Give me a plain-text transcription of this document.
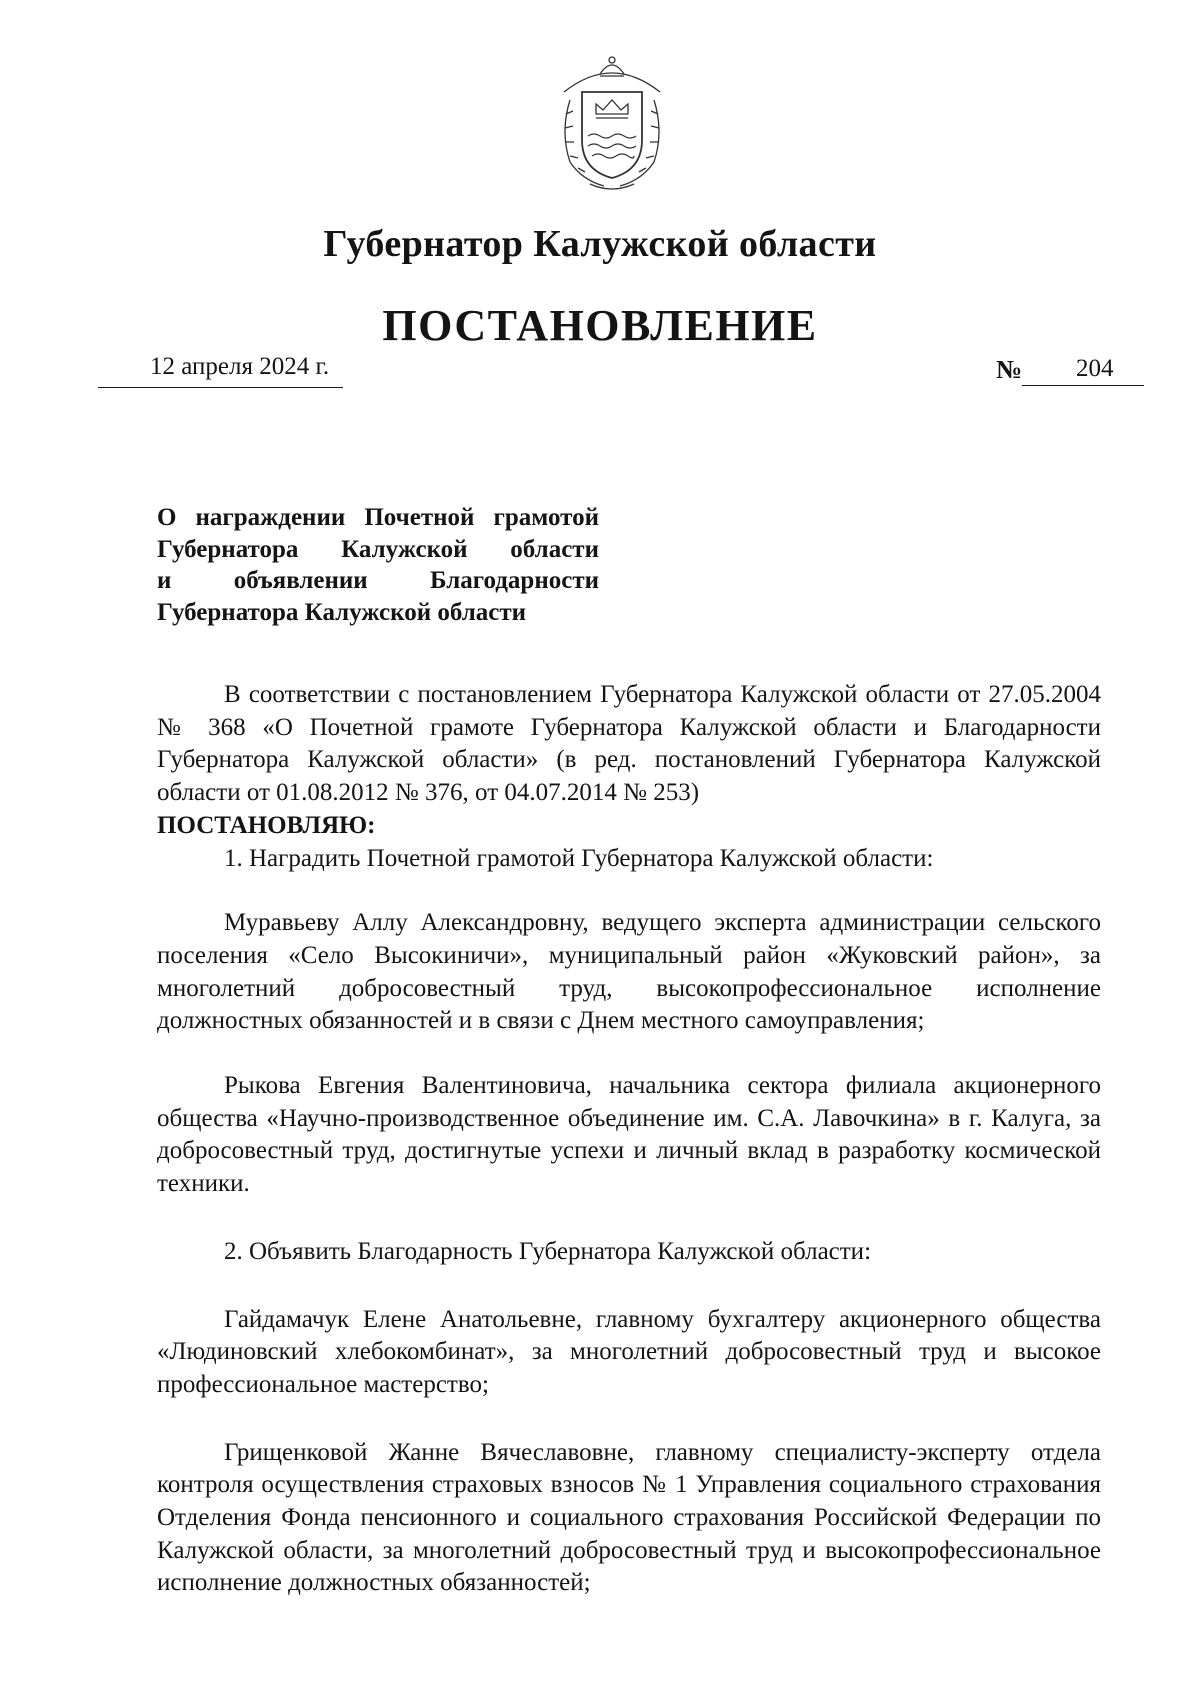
Губернатор Калужской области
ПОСТАНОВЛЕНИЕ
12 апреля 2024 г.	№ 204

О награждении Почетной грамотой
Губернатора Калужской области
и объявлении Благодарности
Губернатора Калужской области

В соответствии с постановлением Губернатора Калужской области от 27.05.2004 № 368 «О Почетной грамоте Губернатора Калужской области и Благодарности Губернатора Калужской области» (в ред. постановлений Губернатора Калужской области от 01.08.2012 № 376, от 04.07.2014 № 253)

ПОСТАНОВЛЯЮ:

1. Наградить Почетной грамотой Губернатора Калужской области:

Муравьеву Аллу Александровну, ведущего эксперта администрации сельского поселения «Село Высокиничи», муниципальный район «Жуковский район», за многолетний добросовестный труд, высокопрофессиональное исполнение должностных обязанностей и в связи с Днем местного самоуправления;

Рыкова Евгения Валентиновича, начальника сектора филиала акционерного общества «Научно-производственное объединение им. С.А. Лавочкина» в г. Калуга, за добросовестный труд, достигнутые успехи и личный вклад в разработку космической техники.

2. Объявить Благодарность Губернатора Калужской области:

Гайдамачук Елене Анатольевне, главному бухгалтеру акционерного общества «Людиновский хлебокомбинат», за многолетний добросовестный труд и высокое профессиональное мастерство;

Грищенковой Жанне Вячеславовне, главному специалисту-эксперту отдела контроля осуществления страховых взносов № 1 Управления социального страхования Отделения Фонда пенсионного и социального страхования Российской Федерации по Калужской области, за многолетний добросовестный труд и высокопрофессиональное исполнение должностных обязанностей;
